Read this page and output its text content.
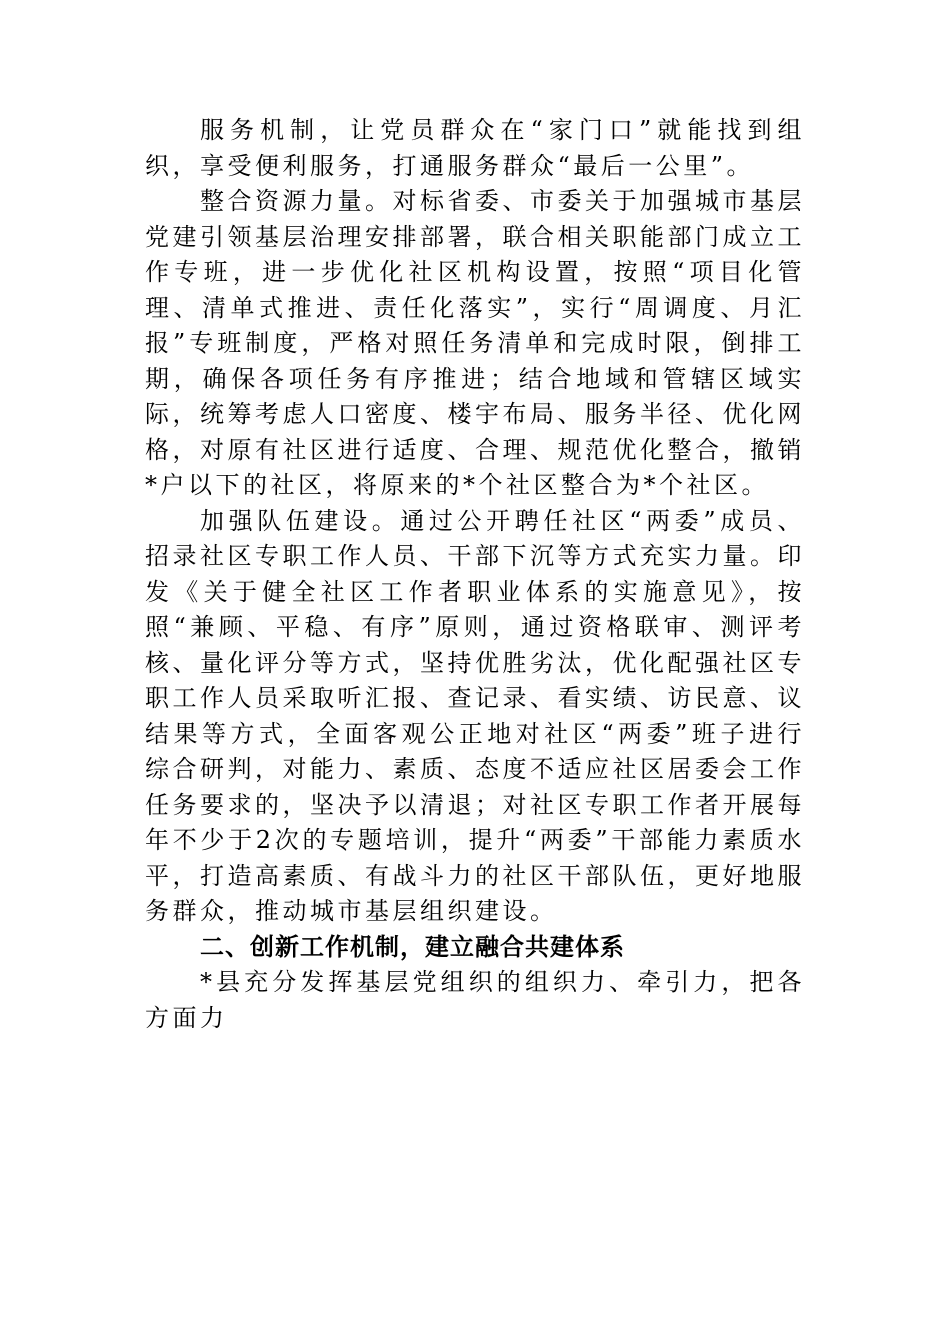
服务机制，让党员群众在“家门口”就能找到组织，享受便利服务，打通服务群众“最后一公里”。

整合资源力量。对标省委、市委关于加强城市基层党建引领基层治理安排部署，联合相关职能部门成立工作专班，进一步优化社区机构设置，按照“项目化管理、清单式推进、责任化落实”，实行“周调度、月汇报”专班制度，严格对照任务清单和完成时限，倒排工期，确保各项任务有序推进；结合地域和管辖区域实际，统筹考虑人口密度、楼宇布局、服务半径、优化网格，对原有社区进行适度、合理、规范优化整合，撤销*户以下的社区，将原来的*个社区整合为*个社区。

加强队伍建设。通过公开聘任社区“两委”成员、招录社区专职工作人员、干部下沉等方式充实力量。印发《关于健全社区工作者职业体系的实施意见》，按照“兼顾、平稳、有序”原则，通过资格联审、测评考核、量化评分等方式，坚持优胜劣汰，优化配强社区专职工作人员采取听汇报、查记录、看实绩、访民意、议结果等方式，全面客观公正地对社区“两委”班子进行综合研判，对能力、素质、态度不适应社区居委会工作任务要求的，坚决予以清退；对社区专职工作者开展每年不少于2次的专题培训，提升“两委”干部能力素质水平，打造高素质、有战斗力的社区干部队伍，更好地服务群众，推动城市基层组织建设。

二、创新工作机制，建立融合共建体系

*县充分发挥基层党组织的组织力、牵引力，把各方面力
